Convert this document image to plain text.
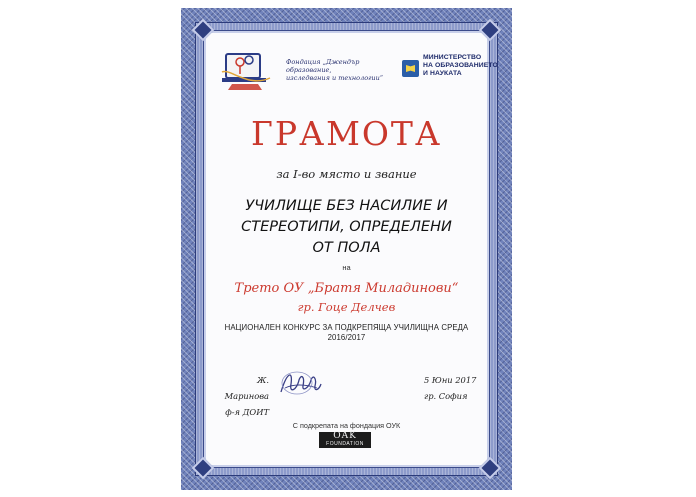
Фондация „Джендър образование,
изследвания и технологии“
МИНИСТЕРСТВО
НА ОБРАЗОВАНИЕТО
И НАУКАТА
ГРАМОТА
за I-во място и звание
УЧИЛИЩЕ БЕЗ НАСИЛИЕ И
СТЕРЕОТИПИ, ОПРЕДЕЛЕНИ
ОТ ПОЛА
на
Трето ОУ „Братя Миладинови“
гр. Гоце Делчев
НАЦИОНАЛЕН КОНКУРС ЗА ПОДКРЕПЯЩА УЧИЛИЩНА СРЕДА
2016/2017
С подкрепата на фондация ОУК
Ж. Маринова
ф-я ДОИТ
5 Юни 2017
гр. София
OAK
FOUNDATION
